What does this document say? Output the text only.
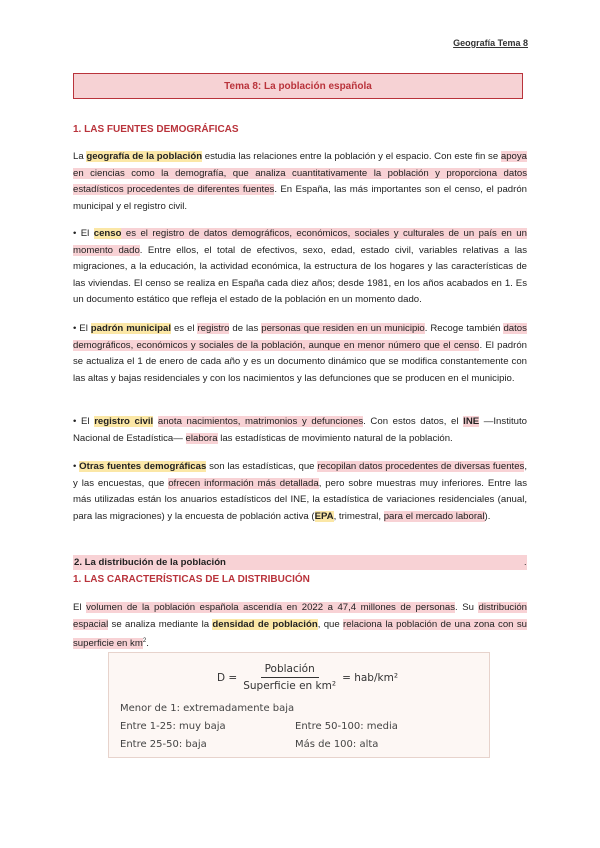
Geografía Tema 8
Tema 8: La población española
1. LAS FUENTES DEMOGRÁFICAS
La geografía de la población estudia las relaciones entre la población y el espacio. Con este fin se apoya en ciencias como la demografía, que analiza cuantitativamente la población y proporciona datos estadísticos procedentes de diferentes fuentes. En España, las más importantes son el censo, el padrón municipal y el registro civil.
• El censo es el registro de datos demográficos, económicos, sociales y culturales de un país en un momento dado. Entre ellos, el total de efectivos, sexo, edad, estado civil, variables relativas a las migraciones, a la educación, la actividad económica, la estructura de los hogares y las características de las viviendas. El censo se realiza en España cada diez años; desde 1981, en los años acabados en 1. Es un documento estático que refleja el estado de la población en un momento dado.
• El padrón municipal es el registro de las personas que residen en un municipio. Recoge también datos demográficos, económicos y sociales de la población, aunque en menor número que el censo. El padrón se actualiza el 1 de enero de cada año y es un documento dinámico que se modifica constantemente con las altas y bajas residenciales y con los nacimientos y las defunciones que se producen en el municipio.
• El registro civil anota nacimientos, matrimonios y defunciones. Con estos datos, el INE —Instituto Nacional de Estadística— elabora las estadísticas de movimiento natural de la población.
• Otras fuentes demográficas son las estadísticas, que recopilan datos procedentes de diversas fuentes, y las encuestas, que ofrecen información más detallada, pero sobre muestras muy inferiores. Entre las más utilizadas están los anuarios estadísticos del INE, la estadística de variaciones residenciales (anual, para las migraciones) y la encuesta de población activa (EPA, trimestral, para el mercado laboral).
2. La distribución de la población	.
1. LAS CARACTERÍSTICAS DE LA DISTRIBUCIÓN
El volumen de la población española ascendía en 2022 a 47,4 millones de personas. Su distribución espacial se analiza mediante la densidad de población, que relaciona la población de una zona con su superficie en $km^2$.
$D = \frac{\text{Población}}{\text{Superficie en km²}} = hab/km^2$
Menor de 1: extremadamente baja
Entre 1-25: muy baja	Entre 50-100: media
Entre 25-50: baja	Más de 100: alta
